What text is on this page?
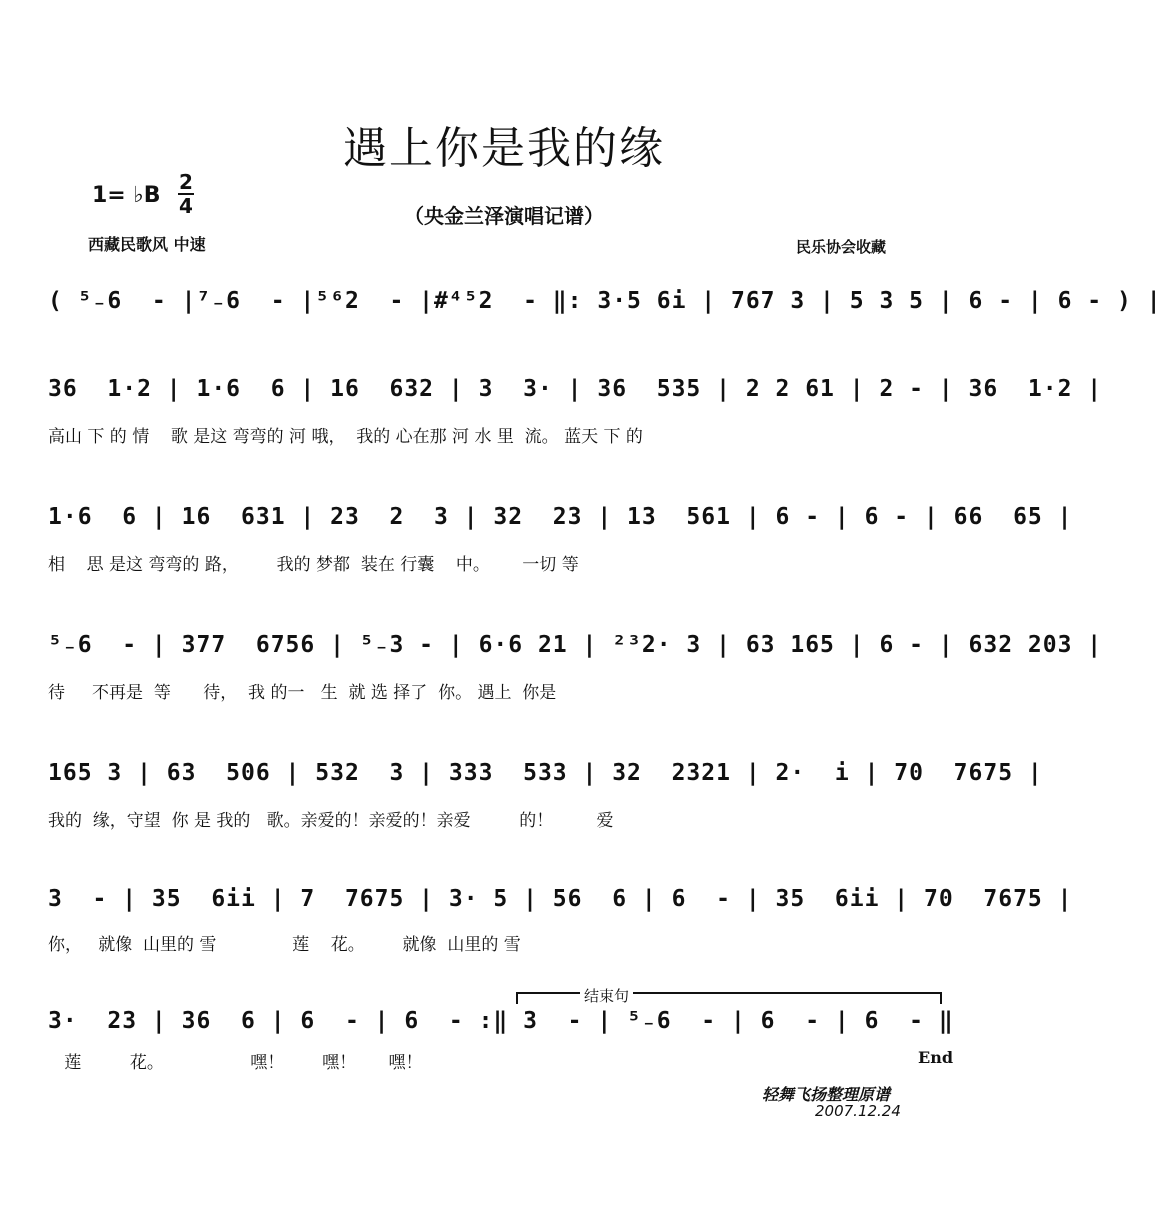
遇上你是我的缘
1= ♭B
2
4	（央金兰泽演唱记谱）
西藏民歌风 中速	民乐协会收藏
( ⁵₋6  - |⁷₋6  - |⁵⁶2  - |#⁴⁵2  - ‖: 3·5 6i | 767 3 | 5 3 5 | 6 - | 6 - ) |
36  1·2 | 1·6  6 | 16  632 | 3  3· | 36  535 | 2 2 61 | 2 - | 36  1·2 |
高山 下 的 情    歌 是这 弯弯的 河 哦，  我的 心在那 河 水 里  流。 蓝天 下 的
1·6  6 | 16  631 | 23  2  3 | 32  23 | 13  561 | 6 - | 6 - | 66  65 |
相    思 是这 弯弯的 路，       我的 梦都  装在 行囊    中。      一切 等
⁵₋6  - | 377  6756 | ⁵₋3 - | 6·6 21 | ²³2· 3 | 63 165 | 6 - | 632 203 |
待     不再是  等      待，  我 的一   生  就 选 择了  你。 遇上  你是
165 3 | 63  506 | 532  3 | 333  533 | 32  2321 | 2·  i | 70  7675 |
我的  缘，守望  你 是 我的   歌。亲爱的！亲爱的！亲爱         的！        爱
3  - | 35  6ii | 7  7675 | 3· 5 | 56  6 | 6  - | 35  6ii | 70  7675 |
你，   就像  山里的 雪              莲    花。       就像  山里的 雪
结束句
3·  23 | 36  6 | 6  - | 6  - :‖ 3  - | ⁵₋6  - | 6  - | 6  - ‖
莲         花。                嘿！       嘿！      嘿！	End
轻舞飞扬整理原谱
2007.12.24
